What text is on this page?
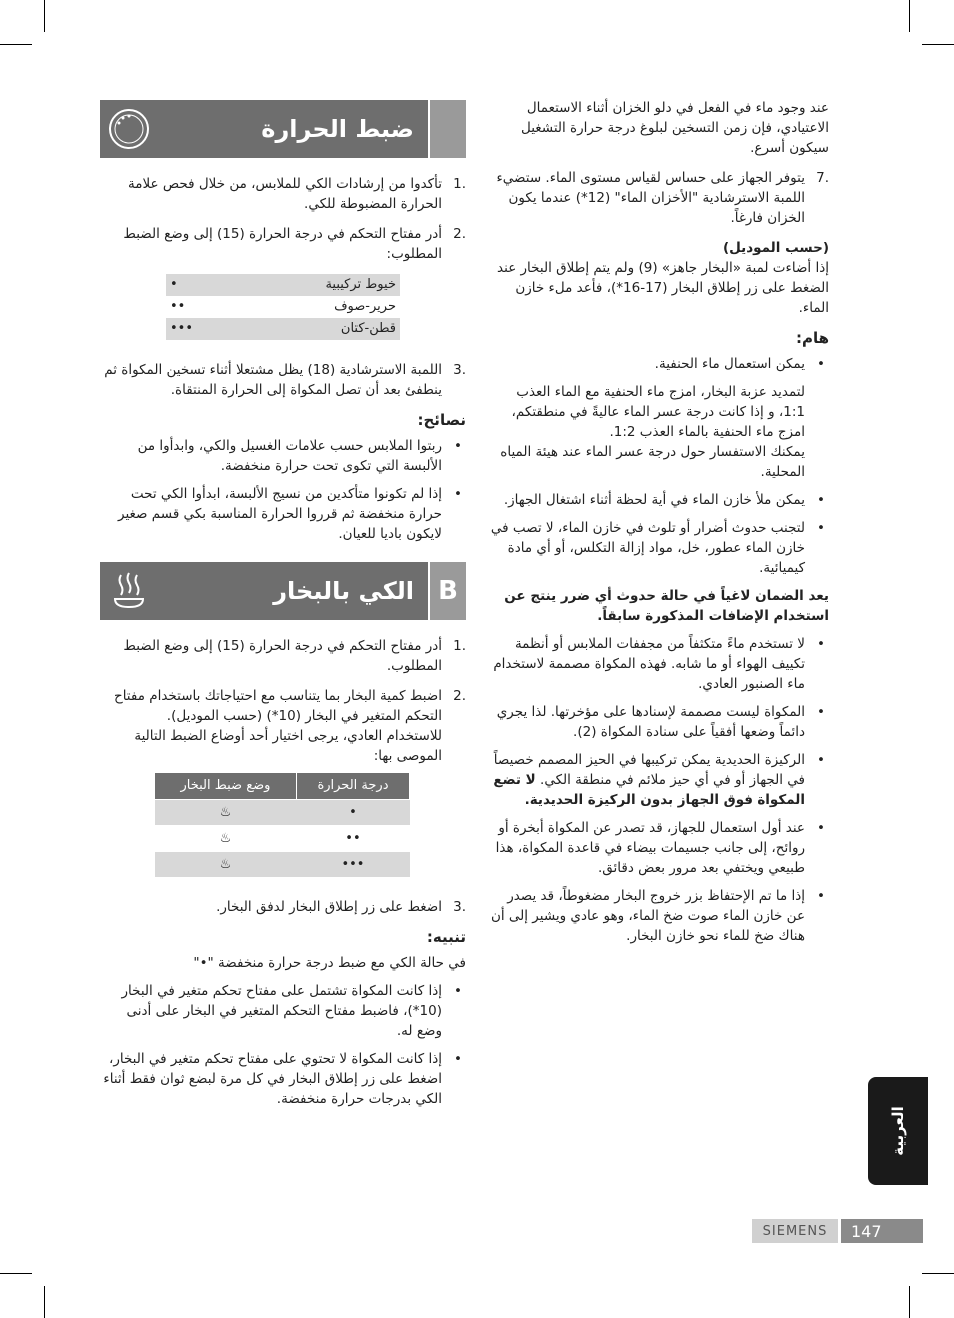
عند وجود ماء في الفعل في دلو الخزان أثناء الاستعمال الاعتيادي، فإن زمن التسخين لبلوغ درجة حرارة التشغيل سيكون أسرع.

.7

يتوفر الجهاز على حساس لقياس مستوى الماء. ستضيء اللمبة الاسترشادية "الأخزان الماء" (12*) عندما يكون الخزان فارغاً.

(حسب الموديل)

إذا أضاءت لمبة «البخار جاهز» (9) ولم يتم إطلاق البخار عند الضغط على زر إطلاق البخار (17-16*)، فأعد ملء خازن الماء.

هام:

•

يمكن استعمال ماء الحنفية.

لتمديد عزبة البخار، امزج ماء الحنفية مع الماء العذب 1:1، و إذا كانت درجة عسر الماء عاليةً في منطقتكم، امزج ماء الحنفية بالماء العذب 1:2.

يمكنك الاستفسار حول درجة عسر الماء عند هيئة المياه المحلية.

•

يمكن ملأ خازن الماء في أية لحظة أثناء اشتغال الجهاز.

•

لتجنب حدوث أضرار أو تلوث في خازن الماء، لا تصب في خازن الماء عطور، خل، مواد إزالة التكلس، أو أي مادة كيميائية.

يعد الضمان لاغياً في حالة حدوث أي ضرر ينتج عن استخدام الإضافات المذكورة سابقاً.

•

لا تستخدم ماءً متكثفاً من مجففات الملابس أو أنظمة تكييف الهواء أو ما شابه. فهذه المكواة مصممة لاستخدام ماء الصنبور العادي.

•

المكواة ليست مصممة لإسنادها على مؤخرتها. لذا يجري دائماً وضعها أفقياً على سنادة المكواة (2).

•

الركيزة الحديدية يمكن تركيبها في الحيز المصمم خصيصاً في الجهاز أو في أي حيز ملائم في منطقة الكي. لا تضع المكواة فوق الجهاز بدون الركيزة الحديدية.

•

عند أول استعمال للجهاز، قد تصدر عن المكواة أبخرة أو روائح، إلى جانب جسيمات بيضاء في قاعدة المكواة، هذا طبيعي ويختفي بعد مرور بعض دقائق.

•

إذا ما تم الإحتفاظ بزر خروج البخار مضغوطاً، قد يصدر عن خازن الماء صوت ضخ الماء، وهو عادي ويشير إلى أن هناك ضخ للماء نحو خازن البخار.

ضبط الحرارة
.1

تأكدوا من إرشادات الكي للملابس، من خلال فحص علامة الحرارة المضبوطة للكي.

.2

أدر مفتاح التحكم في درجة الحرارة (15) إلى وضع الضبط المطلوب:

خيوط تركيبية	•
حرير-صوف	••
قطن-كتان	•••
.3

اللمبة الاسترشادية (18) يظل مشتعلا أثناء تسخين المكواة ثم ينطفئ بعد أن تصل المكواة إلى الحرارة المنتقاة.

نصائح:

•

ربتوا الملابس حسب علامات الغسيل والكي، وابدأوا من الألبسة التي تكوى تحت حرارة منخفضة.

•

إذا لم تكونوا متأكدين من نسيج الألبسة، ابدأوا الكي تحت حرارة منخفضة ثم قرروا الحرارة المناسبة بكي قسم صغير لايكون باديا للعيان.

الكي بالبخار B
.1

أدر مفتاح التحكم في درجة الحرارة (15) إلى وضع الضبط المطلوب.

.2

اضبط كمية البخار بما يتناسب مع احتياجاتك باستخدام مفتاح التحكم المتغير في البخار (10*) (حسب الموديل).

للاستخدام العادي، يرجى اختيار أحد أوضاع الضبط التالية الموصى بها:

درجة الحرارة	وضع ضبط البخار
•	♨
••	♨
•••	♨
.3

اضغط على زر إطلاق البخار لدفق البخار.

تنبيه:

في حالة الكي مع ضبط درجة حرارة منخفضة "•"

•

إذا كانت المكواة تشتمل على مفتاح تحكم متغير في البخار (10*)، فاضبط مفتاح التحكم المتغير في البخار على أدنى وضع له.

•

إذا كانت المكواة لا تحتوي على مفتاح تحكم متغير في البخار، اضغط على زر إطلاق البخار في كل مرة لبضع ثوان فقط أثناء الكي بدرجات حرارة منخفضة.

العربية
SIEMENS	147
